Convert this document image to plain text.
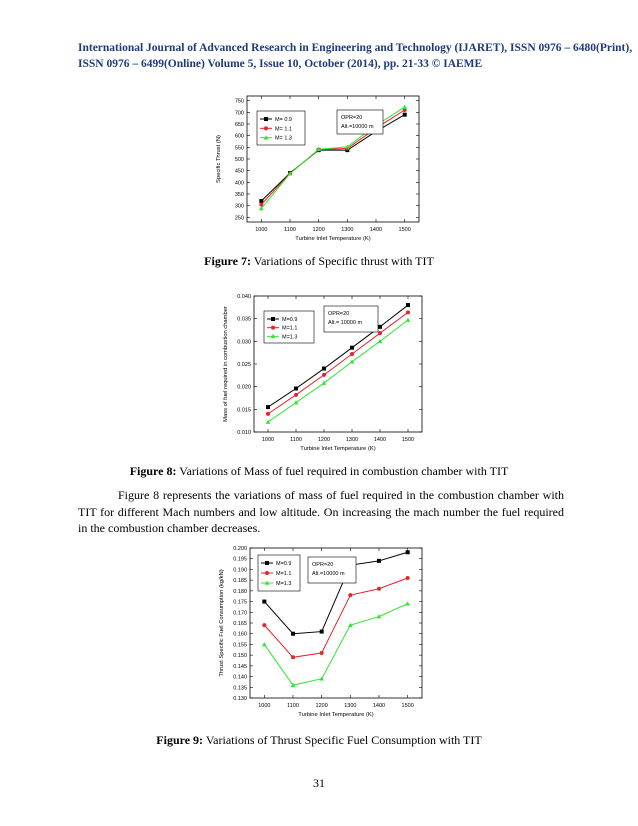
International Journal of Advanced Research in Engineering and Technology (IJARET), ISSN 0976 – 6480(Print),
ISSN 0976 – 6499(Online) Volume 5, Issue 10, October (2014), pp. 21-33 © IAEME
250
300
350
400
450
500
550
600
650
700
750
1000	1100	1200	1300	1400	1500
Turbine Inlet Temperature (K)
Specific Thrust (N)
M= 0.9
M= 1.1
M= 1.3
OPR=20
Alt.=10000 m
Figure 7: Variations of Specific thrust with TIT
0.010
0.015
0.020
0.025
0.030
0.035
0.040
1000	1100	1200	1300	1400	1500
Turbine Inlet Temperature (K)
Mass of fuel required in combustion chamber	M=0.9
M=1.1
M=1.3
OPR=20
Alt.= 10000 m
Figure 8: Variations of Mass of fuel required in combustion chamber with TIT

Figure 8 represents the variations of mass of fuel required in the combustion chamber with TIT for different Mach numbers and low altitude. On increasing the mach number the fuel required in the combustion chamber decreases.

0.130
0.135
0.140
0.145
0.150
0.155
0.160
0.165
0.170
0.175
0.180
0.185
0.190
0.195
0.200
1000	1100	1200	1300	1400	1500
Turbine Inlet Temperature (K)
Thrust Specific Fuel Consumption (kg/kN)
M=0.9
M=1.1
M=1.3
OPR=20
Alt.=10000 m
Figure 9: Variations of Thrust Specific Fuel Consumption with TIT
31
